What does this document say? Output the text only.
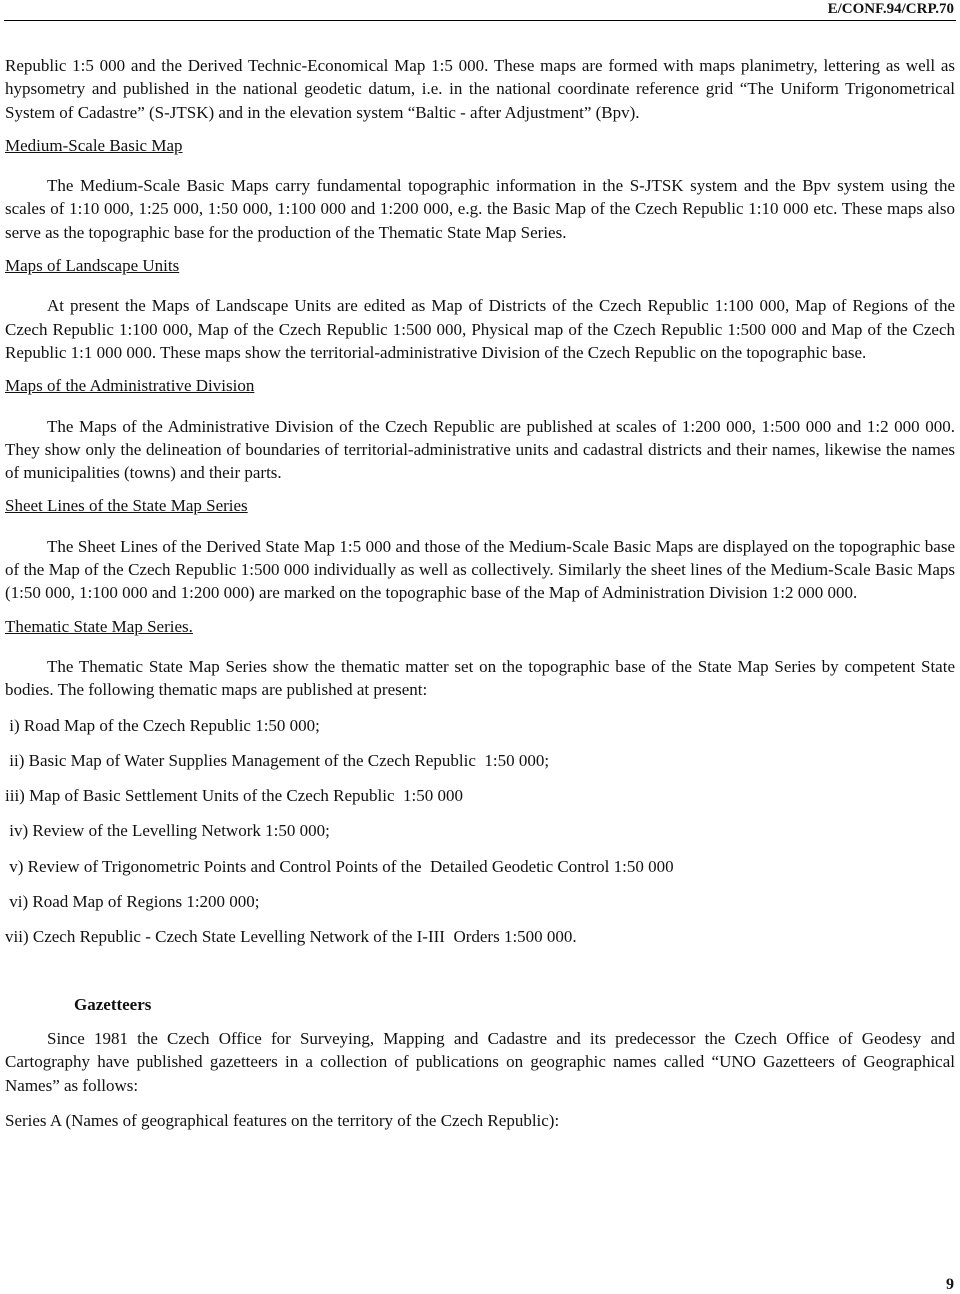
E/CONF.94/CRP.70

Republic 1:5 000 and the Derived Technic-Economical Map 1:5 000. These maps are formed with maps planimetry, lettering as well as hypsometry and published in the national geodetic datum, i.e. in the national coordinate reference grid “The Uniform Trigonometrical System of Cadastre” (S-JTSK) and in the elevation system “Baltic - after Adjustment” (Bpv).

Medium-Scale Basic Map

The Medium-Scale Basic Maps carry fundamental topographic information in the S-JTSK system and the Bpv system using the scales of 1:10 000, 1:25 000, 1:50 000, 1:100 000 and 1:200 000, e.g. the Basic Map of the Czech Republic 1:10 000 etc. These maps also serve as the topographic base for the production of the Thematic State Map Series.

Maps of Landscape Units

At present the Maps of Landscape Units are edited as Map of Districts of the Czech Republic 1:100 000, Map of Regions of the Czech Republic 1:100 000, Map of the Czech Republic 1:500 000, Physical map of the Czech Republic 1:500 000 and Map of the Czech Republic 1:1 000 000. These maps show the territorial-administrative Division of the Czech Republic on the topographic base.

Maps of the Administrative Division

The Maps of the Administrative Division of the Czech Republic are published at scales of 1:200 000, 1:500 000 and 1:2 000 000. They show only the delineation of boundaries of territorial-administrative units and cadastral districts and their names, likewise the names of municipalities (towns) and their parts.

Sheet Lines of the State Map Series

The Sheet Lines of the Derived State Map 1:5 000 and those of the Medium-Scale Basic Maps are displayed on the topographic base of the Map of the Czech Republic 1:500 000 individually as well as collectively. Similarly the sheet lines of the Medium-Scale Basic Maps (1:50 000, 1:100 000 and 1:200 000) are marked on the topographic base of the Map of Administration Division 1:2 000 000.

Thematic State Map Series.

The Thematic State Map Series show the thematic matter set on the topographic base of the State Map Series by competent State bodies. The following thematic maps are published at present:

i) Road Map of the Czech Republic 1:50 000;

ii) Basic Map of Water Supplies Management of the Czech Republic  1:50 000;

iii) Map of Basic Settlement Units of the Czech Republic  1:50 000

iv) Review of the Levelling Network 1:50 000;

v) Review of Trigonometric Points and Control Points of the  Detailed Geodetic Control 1:50 000

vi) Road Map of Regions 1:200 000;

vii) Czech Republic - Czech State Levelling Network of the I-III  Orders 1:500 000.

Gazetteers

Since 1981 the Czech Office for Surveying, Mapping and Cadastre and its predecessor the Czech Office of Geodesy and Cartography have published gazetteers in a collection of publications on geographic names called “UNO Gazetteers of Geographical Names” as follows:

Series A (Names of geographical features on the territory of the Czech Republic):

9
